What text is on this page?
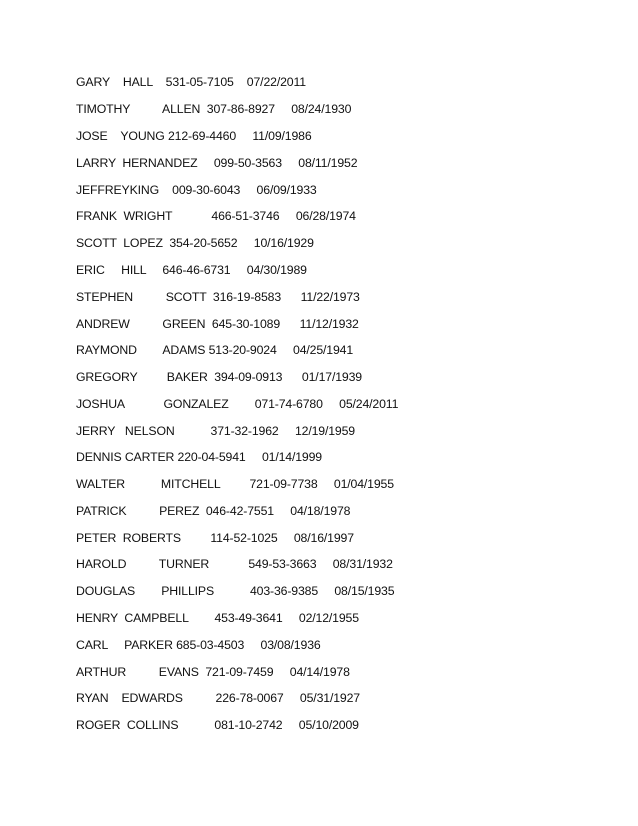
GARY    HALL    531-05-7105    07/22/2011
TIMOTHY          ALLEN  307-86-8927     08/24/1930
JOSE    YOUNG 212-69-4460     11/09/1986
LARRY  HERNANDEZ     099-50-3563     08/11/1952
JEFFREYKING    009-30-6043     06/09/1933
FRANK  WRIGHT            466-51-3746     06/28/1974
SCOTT  LOPEZ  354-20-5652     10/16/1929
ERIC     HILL     646-46-6731     04/30/1989
STEPHEN          SCOTT  316-19-8583      11/22/1973
ANDREW          GREEN  645-30-1089      11/12/1932
RAYMOND        ADAMS 513-20-9024     04/25/1941
GREGORY         BAKER  394-09-0913      01/17/1939
JOSHUA            GONZALEZ        071-74-6780     05/24/2011
JERRY   NELSON           371-32-1962     12/19/1959
DENNIS CARTER 220-04-5941     01/14/1999
WALTER           MITCHELL         721-09-7738     01/04/1955
PATRICK          PEREZ  046-42-7551     04/18/1978
PETER  ROBERTS         114-52-1025     08/16/1997
HAROLD          TURNER            549-53-3663     08/31/1932
DOUGLAS        PHILLIPS           403-36-9385     08/15/1935
HENRY  CAMPBELL        453-49-3641     02/12/1955
CARL     PARKER 685-03-4503     03/08/1936
ARTHUR          EVANS  721-09-7459     04/14/1978
RYAN    EDWARDS          226-78-0067     05/31/1927
ROGER  COLLINS           081-10-2742     05/10/2009
